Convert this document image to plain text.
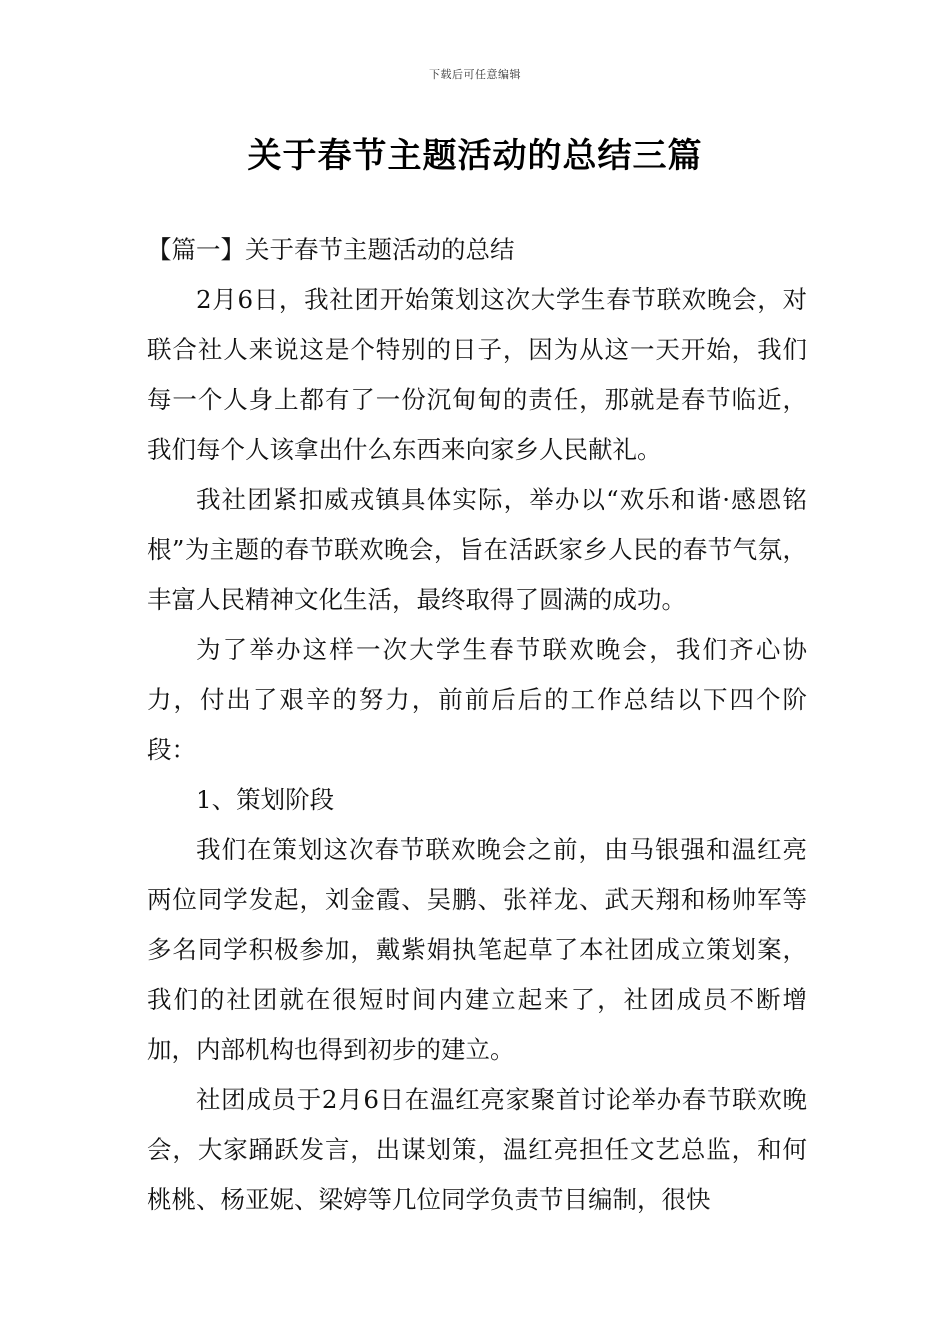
下载后可任意编辑
关于春节主题活动的总结三篇

【篇一】关于春节主题活动的总结

2月6日，我社团开始策划这次大学生春节联欢晚会，对联合社人来说这是个特别的日子，因为从这一天开始，我们每一个人身上都有了一份沉甸甸的责任，那就是春节临近，我们每个人该拿出什么东西来向家乡人民献礼。

我社团紧扣威戎镇具体实际，举办以“欢乐和谐·感恩铭根”为主题的春节联欢晚会，旨在活跃家乡人民的春节气氛，丰富人民精神文化生活，最终取得了圆满的成功。

为了举办这样一次大学生春节联欢晚会，我们齐心协力，付出了艰辛的努力，前前后后的工作总结以下四个阶段：

1、策划阶段

我们在策划这次春节联欢晚会之前，由马银强和温红亮两位同学发起，刘金霞、吴鹏、张祥龙、武天翔和杨帅军等多名同学积极参加，戴紫娟执笔起草了本社团成立策划案，我们的社团就在很短时间内建立起来了，社团成员不断增加，内部机构也得到初步的建立。

社团成员于2月6日在温红亮家聚首讨论举办春节联欢晚会，大家踊跃发言，出谋划策，温红亮担任文艺总监，和何桃桃、杨亚妮、梁婷等几位同学负责节目编制，很快
